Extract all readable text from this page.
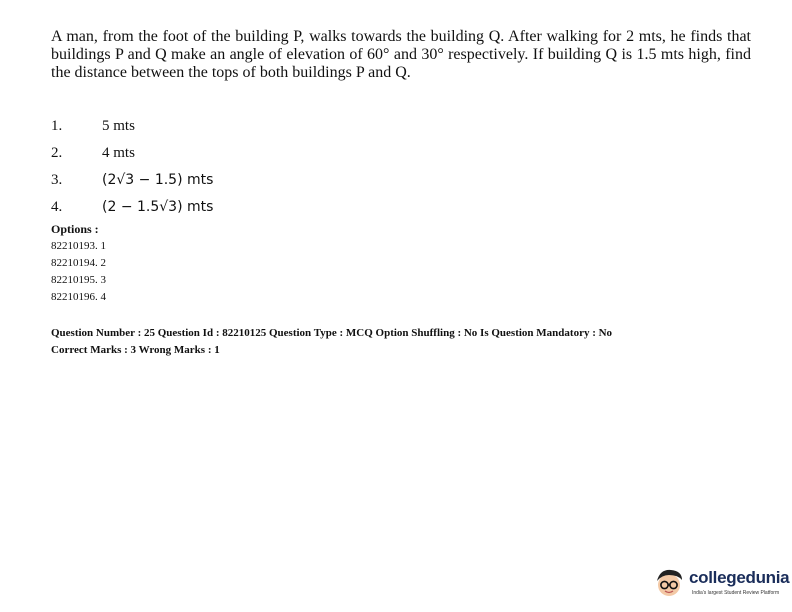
A man, from the foot of the building P, walks towards the building Q. After walking for 2 mts, he finds that buildings P and Q make an angle of elevation of 60° and 30° respectively. If building Q is 1.5 mts high, find the distance between the tops of both buildings P and Q.

1.	5 mts
2.	4 mts
3.	(2√3 − 1.5) mts
4.	(2 − 1.5√3) mts
Options :
82210193. 1
82210194. 2
82210195. 3
82210196. 4
Question Number : 25 Question Id : 82210125 Question Type : MCQ Option Shuffling : No Is Question Mandatory : No
Correct Marks : 3 Wrong Marks : 1
collegedunia
India's largest Student Review Platform
